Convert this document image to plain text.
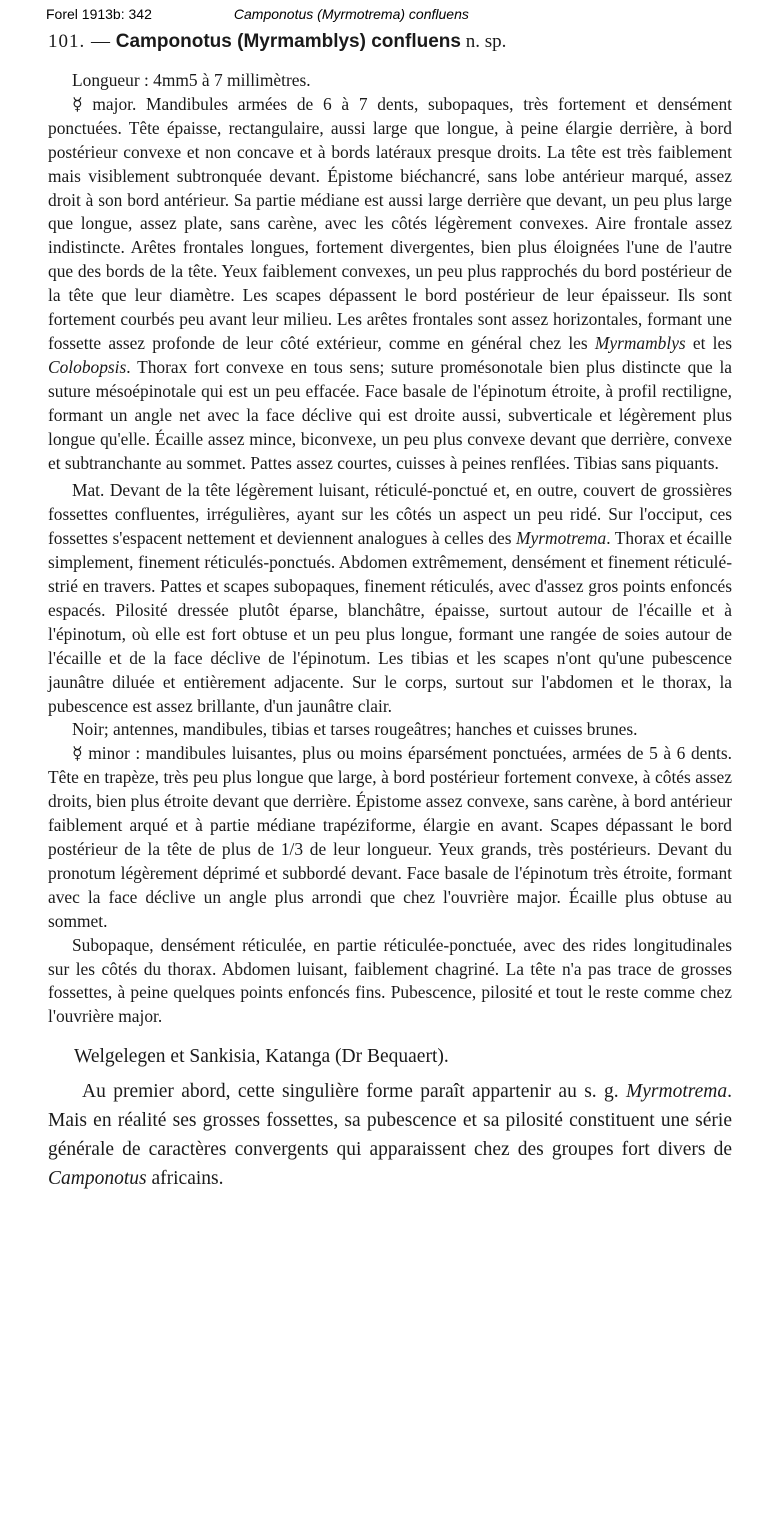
Forel 1913b: 342	Camponotus (Myrmotrema) confluens
101. — Camponotus (Myrmamblys) confluens n. sp.

Longueur : 4mm5 à 7 millimètres.

☿ major. Mandibules armées de 6 à 7 dents, subopaques, très fortement et densément ponctuées. Tête épaisse, rectangulaire, aussi large que longue, à peine élargie derrière, à bord postérieur convexe et non concave et à bords latéraux presque droits. La tête est très faiblement mais visiblement subtronquée devant. Épistome biéchancré, sans lobe antérieur marqué, assez droit à son bord antérieur. Sa partie médiane est aussi large derrière que devant, un peu plus large que longue, assez plate, sans carène, avec les côtés légèrement convexes. Aire frontale assez indistincte. Arêtes frontales longues, fortement divergentes, bien plus éloignées l'une de l'autre que des bords de la tête. Yeux faiblement convexes, un peu plus rapprochés du bord postérieur de la tête que leur diamètre. Les scapes dépassent le bord postérieur de leur épaisseur. Ils sont fortement courbés peu avant leur milieu. Les arêtes frontales sont assez horizontales, formant une fossette assez profonde de leur côté extérieur, comme en général chez les Myrmamblys et les Colobopsis. Thorax fort convexe en tous sens; suture promésonotale bien plus distincte que la suture mésoépinotale qui est un peu effacée. Face basale de l'épinotum étroite, à profil rectiligne, formant un angle net avec la face déclive qui est droite aussi, subverticale et légèrement plus longue qu'elle. Écaille assez mince, biconvexe, un peu plus convexe devant que derrière, convexe et subtranchante au sommet. Pattes assez courtes, cuisses à peines renflées. Tibias sans piquants.

Mat. Devant de la tête légèrement luisant, réticulé-ponctué et, en outre, couvert de grossières fossettes confluentes, irrégulières, ayant sur les côtés un aspect un peu ridé. Sur l'occiput, ces fossettes s'espacent nettement et deviennent analogues à celles des Myrmotrema. Thorax et écaille simplement, finement réticulés-ponctués. Abdomen extrêmement, densément et finement réticulé-strié en travers. Pattes et scapes subopaques, finement réticulés, avec d'assez gros points enfoncés espacés. Pilosité dressée plutôt éparse, blanchâtre, épaisse, surtout autour de l'écaille et à l'épinotum, où elle est fort obtuse et un peu plus longue, formant une rangée de soies autour de l'écaille et de la face déclive de l'épinotum. Les tibias et les scapes n'ont qu'une pubescence jaunâtre diluée et entièrement adjacente. Sur le corps, surtout sur l'abdomen et le thorax, la pubescence est assez brillante, d'un jaunâtre clair.

Noir; antennes, mandibules, tibias et tarses rougeâtres; hanches et cuisses brunes.

☿ minor : mandibules luisantes, plus ou moins éparsément ponctuées, armées de 5 à 6 dents. Tête en trapèze, très peu plus longue que large, à bord postérieur fortement convexe, à côtés assez droits, bien plus étroite devant que derrière. Épistome assez convexe, sans carène, à bord antérieur faiblement arqué et à partie médiane trapéziforme, élargie en avant. Scapes dépassant le bord postérieur de la tête de plus de 1/3 de leur longueur. Yeux grands, très postérieurs. Devant du pronotum légèrement déprimé et subbordé devant. Face basale de l'épinotum très étroite, formant avec la face déclive un angle plus arrondi que chez l'ouvrière major. Écaille plus obtuse au sommet.

Subopaque, densément réticulée, en partie réticulée-ponctuée, avec des rides longitudinales sur les côtés du thorax. Abdomen luisant, faiblement chagriné. La tête n'a pas trace de grosses fossettes, à peine quelques points enfoncés fins. Pubescence, pilosité et tout le reste comme chez l'ouvrière major.

Welgelegen et Sankisia, Katanga (Dr Bequaert).

Au premier abord, cette singulière forme paraît appartenir au s. g. Myrmotrema. Mais en réalité ses grosses fossettes, sa pubescence et sa pilosité constituent une série générale de caractères convergents qui apparaissent chez des groupes fort divers de Camponotus africains.
